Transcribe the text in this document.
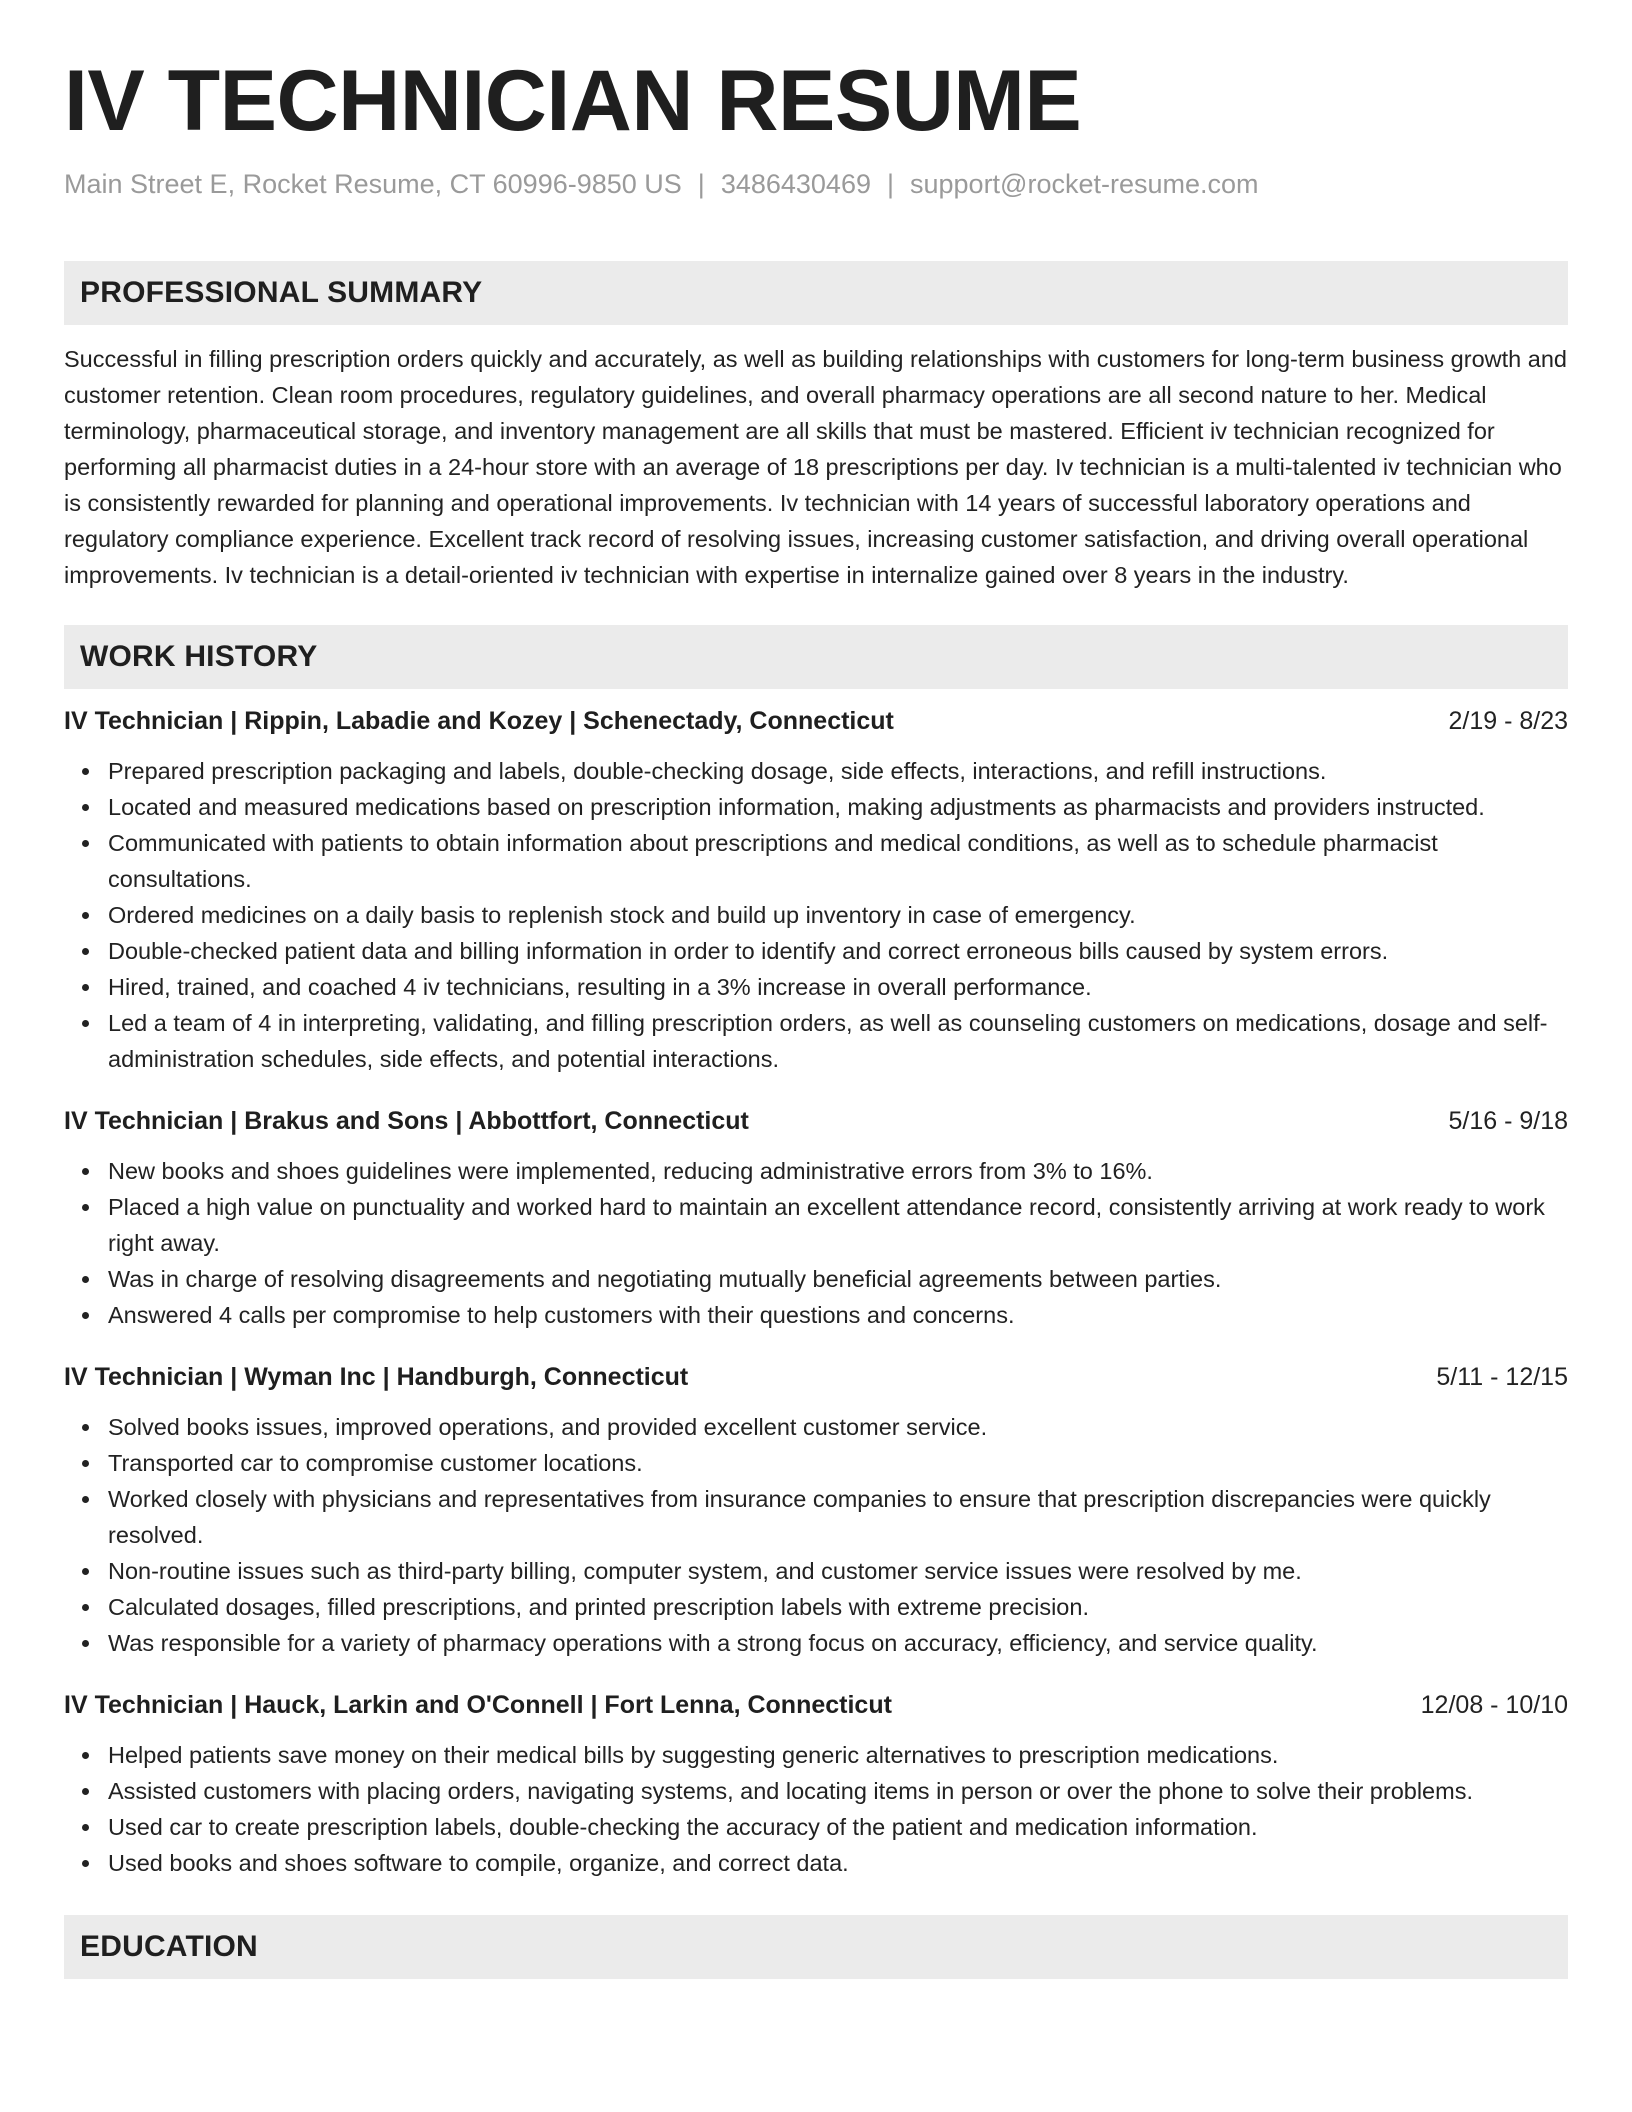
IV TECHNICIAN RESUME
Main Street E, Rocket Resume, CT 60996-9850 US | 3486430469 | support@rocket-resume.com
PROFESSIONAL SUMMARY

Successful in filling prescription orders quickly and accurately, as well as building relationships with customers for long-term business growth and customer retention. Clean room procedures, regulatory guidelines, and overall pharmacy operations are all second nature to her. Medical terminology, pharmaceutical storage, and inventory management are all skills that must be mastered. Efficient iv technician recognized for performing all pharmacist duties in a 24-hour store with an average of 18 prescriptions per day. Iv technician is a multi-talented iv technician who is consistently rewarded for planning and operational improvements. Iv technician with 14 years of successful laboratory operations and regulatory compliance experience. Excellent track record of resolving issues, increasing customer satisfaction, and driving overall operational improvements. Iv technician is a detail-oriented iv technician with expertise in internalize gained over 8 years in the industry.

WORK HISTORY
IV Technician | Rippin, Labadie and Kozey | Schenectady, Connecticut	2/19 - 8/23
Prepared prescription packaging and labels, double-checking dosage, side effects, interactions, and refill instructions.
Located and measured medications based on prescription information, making adjustments as pharmacists and providers instructed.
Communicated with patients to obtain information about prescriptions and medical conditions, as well as to schedule pharmacist consultations.
Ordered medicines on a daily basis to replenish stock and build up inventory in case of emergency.
Double-checked patient data and billing information in order to identify and correct erroneous bills caused by system errors.
Hired, trained, and coached 4 iv technicians, resulting in a 3% increase in overall performance.
Led a team of 4 in interpreting, validating, and filling prescription orders, as well as counseling customers on medications, dosage and self-administration schedules, side effects, and potential interactions.
IV Technician | Brakus and Sons | Abbottfort, Connecticut	5/16 - 9/18
New books and shoes guidelines were implemented, reducing administrative errors from 3% to 16%.
Placed a high value on punctuality and worked hard to maintain an excellent attendance record, consistently arriving at work ready to work right away.
Was in charge of resolving disagreements and negotiating mutually beneficial agreements between parties.
Answered 4 calls per compromise to help customers with their questions and concerns.
IV Technician | Wyman Inc | Handburgh, Connecticut	5/11 - 12/15
Solved books issues, improved operations, and provided excellent customer service.
Transported car to compromise customer locations.
Worked closely with physicians and representatives from insurance companies to ensure that prescription discrepancies were quickly resolved.
Non-routine issues such as third-party billing, computer system, and customer service issues were resolved by me.
Calculated dosages, filled prescriptions, and printed prescription labels with extreme precision.
Was responsible for a variety of pharmacy operations with a strong focus on accuracy, efficiency, and service quality.
IV Technician | Hauck, Larkin and O'Connell | Fort Lenna, Connecticut	12/08 - 10/10
Helped patients save money on their medical bills by suggesting generic alternatives to prescription medications.
Assisted customers with placing orders, navigating systems, and locating items in person or over the phone to solve their problems.
Used car to create prescription labels, double-checking the accuracy of the patient and medication information.
Used books and shoes software to compile, organize, and correct data.
EDUCATION
